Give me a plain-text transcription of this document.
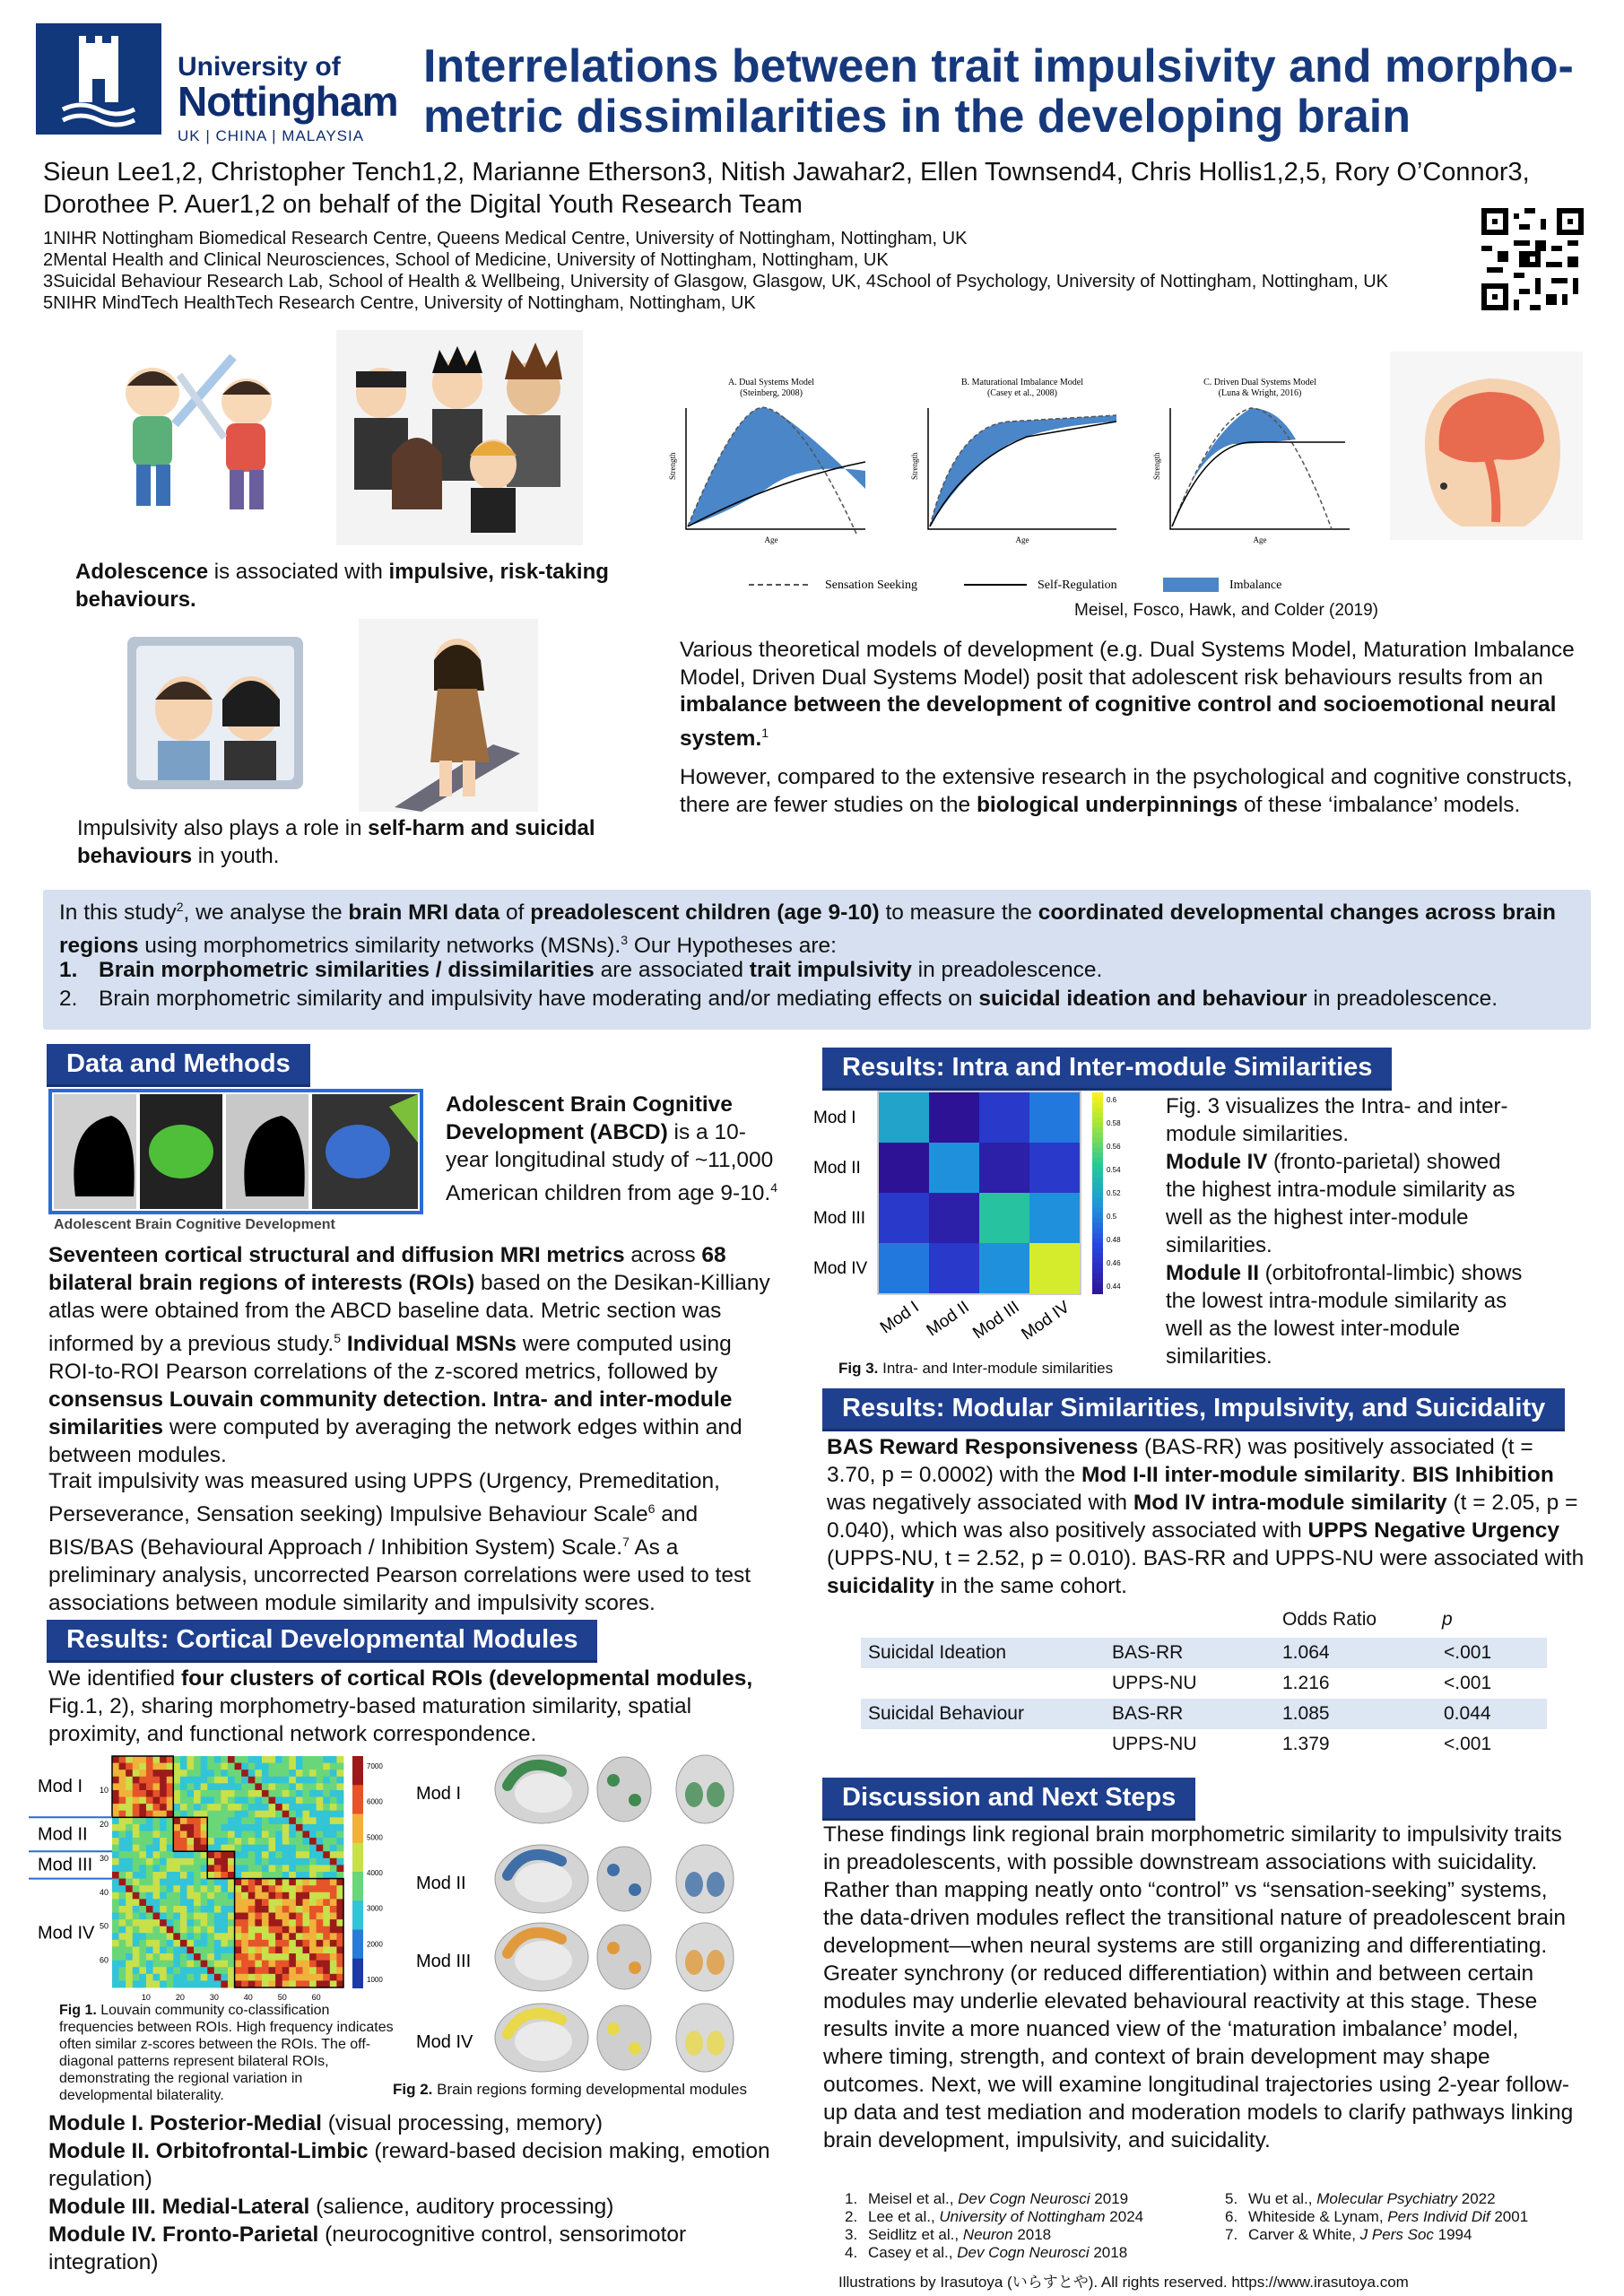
University of
Nottingham
UK | CHINA | MALAYSIA
Interrelations between trait impulsivity and morpho-
metric dissimilarities in the developing brain
Sieun Lee1,2, Christopher Tench1,2, Marianne Etherson3, Nitish Jawahar2, Ellen Townsend4, Chris Hollis1,2,5, Rory O’Connor3,
Dorothee P. Auer1,2 on behalf of the Digital Youth Research Team
1NIHR Nottingham Biomedical Research Centre, Queens Medical Centre, University of Nottingham, Nottingham, UK
2Mental Health and Clinical Neurosciences, School of Medicine, University of Nottingham, Nottingham, UK
3Suicidal Behaviour Research Lab, School of Health & Wellbeing, University of Glasgow, Glasgow, UK, 4School of Psychology, University of Nottingham, Nottingham, UK
5NIHR MindTech HealthTech Research Centre, University of Nottingham, Nottingham, UK
Adolescence is associated with impulsive, risk-taking behaviours.
Impulsivity also plays a role in self-harm and suicidal behaviours in youth.
A. Dual Systems Model
(Steinberg, 2008)
B. Maturational Imbalance Model
(Casey et al., 2008)
C. Driven Dual Systems Model
(Luna & Wright, 2016)
Strength
Age
Strength
Age
Strength
Age
Sensation Seeking	Self-Regulation	Imbalance
Meisel, Fosco, Hawk, and Colder (2019)
Various theoretical models of development (e.g. Dual Systems Model, Maturation Imbalance Model, Driven Dual Systems Model) posit that adolescent risk behaviours results from an imbalance between the development of cognitive control and socioemotional neural system.$^1$
However, compared to the extensive research in the psychological and cognitive constructs, there are fewer studies on the biological underpinnings of these ‘imbalance’ models.
In this study$^2$, we analyse the brain MRI data of preadolescent children (age 9-10) to measure the coordinated developmental changes across brain regions using morphometrics similarity networks (MSNs).$^3$ Our Hypotheses are:
1. Brain morphometric similarities / dissimilarities are associated trait impulsivity in preadolescence.
2. Brain morphometric similarity and impulsivity have moderating and/or mediating effects on suicidal ideation and behaviour in preadolescence.
Data and Methods
Adolescent Brain Cognitive Development
Adolescent Brain Cognitive Development (ABCD) is a 10-year longitudinal study of ~11,000 American children from age 9-10.$^4$
Seventeen cortical structural and diffusion MRI metrics across 68 bilateral brain regions of interests (ROIs) based on the Desikan-Killiany atlas were obtained from the ABCD baseline data. Metric section was informed by a previous study.$^5$ Individual MSNs were computed using ROI-to-ROI Pearson correlations of the z-scored metrics, followed by consensus Louvain community detection. Intra- and inter-module similarities were computed by averaging the network edges within and between modules.
Trait impulsivity was measured using UPPS (Urgency, Premeditation, Perseverance, Sensation seeking) Impulsive Behaviour Scale$^6$ and BIS/BAS (Behavioural Approach / Inhibition System) Scale.$^7$ As a preliminary analysis, uncorrected Pearson correlations were used to test associations between module similarity and impulsivity scores.
Results: Cortical Developmental Modules
We identified four clusters of cortical ROIs (developmental modules, Fig.1, 2), sharing morphometry-based maturation similarity, spatial proximity, and functional network correspondence.
Mod I
Mod II
Mod III
Mod IV
10
10
20
20
30
30
40
40
50
50
60
60
7000
6000
5000
4000
3000
2000
1000
Fig 1. Louvain community co-classification frequencies between ROIs. High frequency indicates often similar z-scores between the ROIs. The off-diagonal patterns represent bilateral ROIs, demonstrating the regional variation in developmental bilaterality.
Mod I
Mod II
Mod III
Mod IV
Fig 2. Brain regions forming developmental modules
Module I. Posterior-Medial (visual processing, memory)
Module II. Orbitofrontal-Limbic (reward-based decision making, emotion regulation)
Module III. Medial-Lateral (salience, auditory processing)
Module IV. Fronto-Parietal (neurocognitive control, sensorimotor integration)
Results: Intra and Inter-module Similarities
Mod I
Mod I
Mod II
Mod II
Mod III
Mod III
Mod IV
Mod IV
0.6
0.58
0.56
0.54
0.52
0.5
0.48
0.46
0.44
Fig 3. Intra- and Inter-module similarities
Fig. 3 visualizes the Intra- and inter-module similarities.
Module IV (fronto-parietal) showed the highest intra-module similarity as well as the highest inter-module similarities.
Module II (orbitofrontal-limbic) shows the lowest intra-module similarity as well as the lowest inter-module similarities.
Results: Modular Similarities, Impulsivity, and Suicidality
BAS Reward Responsiveness (BAS-RR) was positively associated (t = 3.70, p = 0.0002) with the Mod I-II inter-module similarity. BIS Inhibition was negatively associated with Mod IV intra-module similarity (t = 2.05, p = 0.040), which was also positively associated with UPPS Negative Urgency (UPPS-NU, t = 2.52, p = 0.010). BAS-RR and UPPS-NU were associated with suicidality in the same cohort.
Odds Ratio	p
Suicidal Ideation	BAS-RR	1.064	<.001
UPPS-NU	1.216	<.001
Suicidal Behaviour	BAS-RR	1.085	0.044
UPPS-NU	1.379	<.001
Discussion and Next Steps
These findings link regional brain morphometric similarity to impulsivity traits in preadolescents, with possible downstream associations with suicidality. Rather than mapping neatly onto “control” vs “sensation-seeking” systems, the data-driven modules reflect the transitional nature of preadolescent brain development—when neural systems are still organizing and differentiating. Greater synchrony (or reduced differentiation) within and between certain modules may underlie elevated behavioural reactivity at this stage. These results invite a more nuanced view of the ‘maturation imbalance’ model, where timing, strength, and context of brain development may shape outcomes. Next, we will examine longitudinal trajectories using 2-year follow-up data and test mediation and moderation models to clarify pathways linking brain development, impulsivity, and suicidality.
1. Meisel et al., Dev Cogn Neurosci 2019
2. Lee et al., University of Nottingham 2024
3. Seidlitz et al., Neuron 2018
4. Casey et al., Dev Cogn Neurosci 2018
5. Wu et al., Molecular Psychiatry 2022
6. Whiteside & Lynam, Pers Individ Dif 2001
7. Carver & White, J Pers Soc 1994
Illustrations by Irasutoya (いらすとや). All rights reserved. https://www.irasutoya.com
